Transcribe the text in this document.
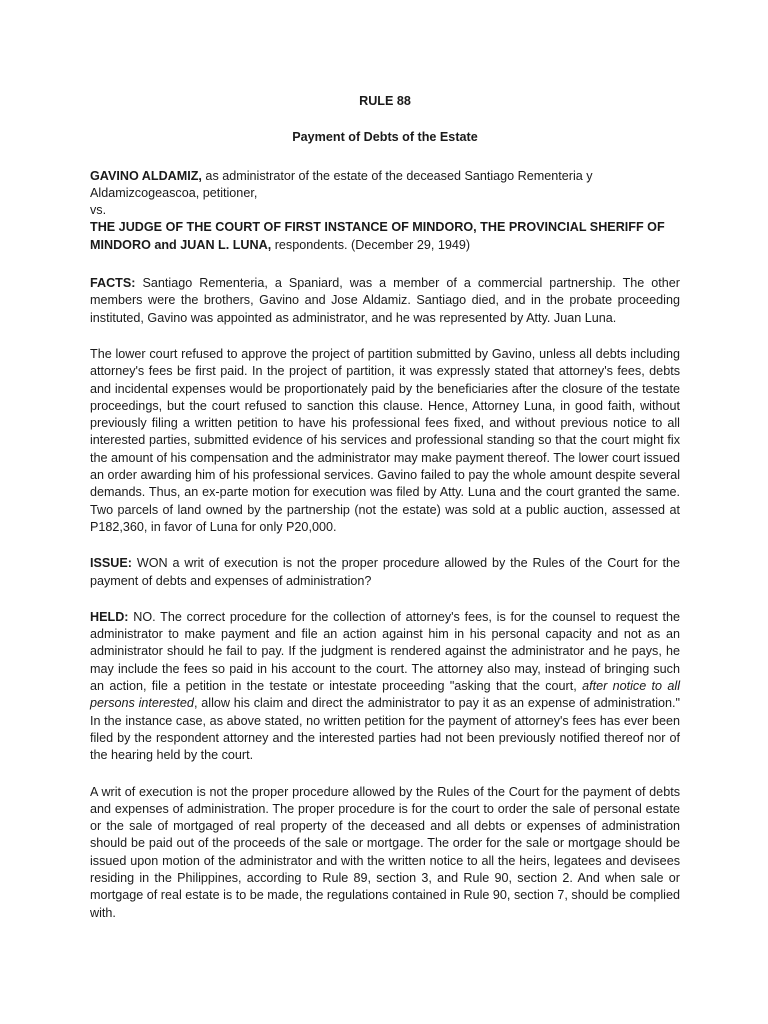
RULE 88
Payment of Debts of the Estate
GAVINO ALDAMIZ, as administrator of the estate of the deceased Santiago Rementeria y Aldamizcogeascoa, petitioner,
vs.
THE JUDGE OF THE COURT OF FIRST INSTANCE OF MINDORO, THE PROVINCIAL SHERIFF OF MINDORO and JUAN L. LUNA, respondents. (December 29, 1949)

FACTS: Santiago Rementeria, a Spaniard, was a member of a commercial partnership. The other members were the brothers, Gavino and Jose Aldamiz. Santiago died, and in the probate proceeding instituted, Gavino was appointed as administrator, and he was represented by Atty. Juan Luna.

The lower court refused to approve the project of partition submitted by Gavino, unless all debts including attorney's fees be first paid. In the project of partition, it was expressly stated that attorney's fees, debts and incidental expenses would be proportionately paid by the beneficiaries after the closure of the testate proceedings, but the court refused to sanction this clause. Hence, Attorney Luna, in good faith, without previously filing a written petition to have his professional fees fixed, and without previous notice to all interested parties, submitted evidence of his services and professional standing so that the court might fix the amount of his compensation and the administrator may make payment thereof. The lower court issued an order awarding him of his professional services. Gavino failed to pay the whole amount despite several demands. Thus, an ex-parte motion for execution was filed by Atty. Luna and the court granted the same. Two parcels of land owned by the partnership (not the estate) was sold at a public auction, assessed at P182,360, in favor of Luna for only P20,000.

ISSUE: WON a writ of execution is not the proper procedure allowed by the Rules of the Court for the payment of debts and expenses of administration?

HELD: NO. The correct procedure for the collection of attorney's fees, is for the counsel to request the administrator to make payment and file an action against him in his personal capacity and not as an administrator should he fail to pay. If the judgment is rendered against the administrator and he pays, he may include the fees so paid in his account to the court. The attorney also may, instead of bringing such an action, file a petition in the testate or intestate proceeding "asking that the court, after notice to all persons interested, allow his claim and direct the administrator to pay it as an expense of administration." In the instance case, as above stated, no written petition for the payment of attorney's fees has ever been filed by the respondent attorney and the interested parties had not been previously notified thereof nor of the hearing held by the court.

A writ of execution is not the proper procedure allowed by the Rules of the Court for the payment of debts and expenses of administration. The proper procedure is for the court to order the sale of personal estate or the sale of mortgaged of real property of the deceased and all debts or expenses of administration should be paid out of the proceeds of the sale or mortgage. The order for the sale or mortgage should be issued upon motion of the administrator and with the written notice to all the heirs, legatees and devisees residing in the Philippines, according to Rule 89, section 3, and Rule 90, section 2. And when sale or mortgage of real estate is to be made, the regulations contained in Rule 90, section 7, should be complied with.
